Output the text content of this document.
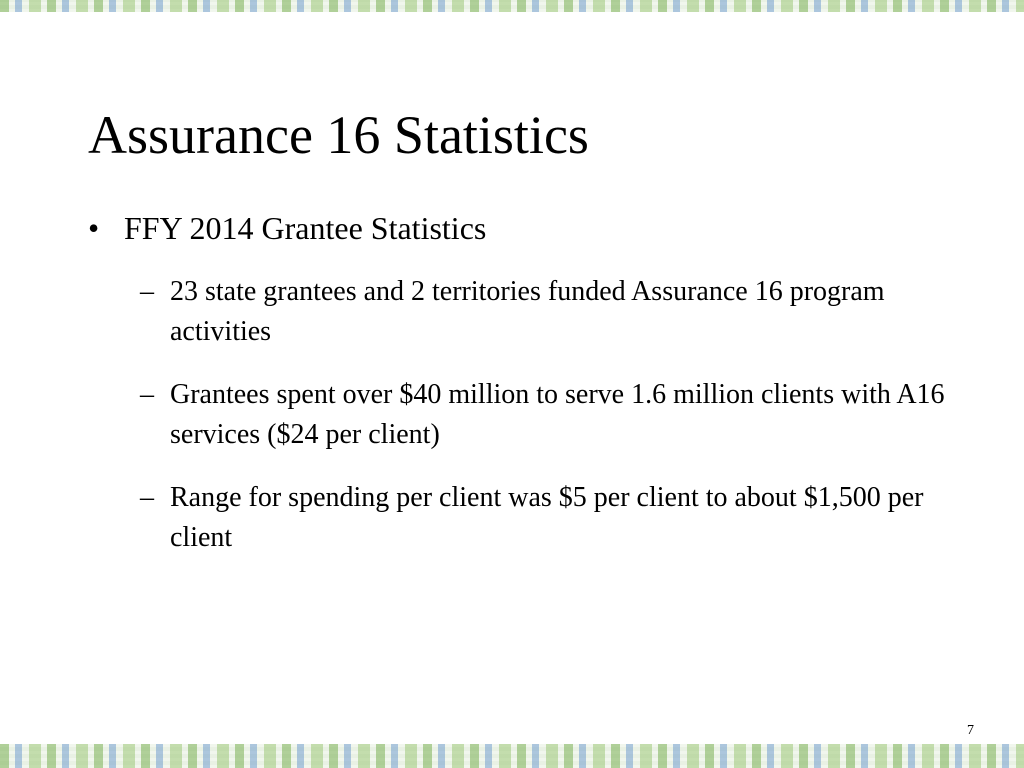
Assurance 16 Statistics
• FFY 2014 Grantee Statistics
– 23 state grantees and 2 territories funded Assurance 16 program activities
– Grantees spent over $40 million to serve 1.6 million clients with A16 services ($24 per client)
– Range for spending per client was $5 per client to about $1,500 per client
7
